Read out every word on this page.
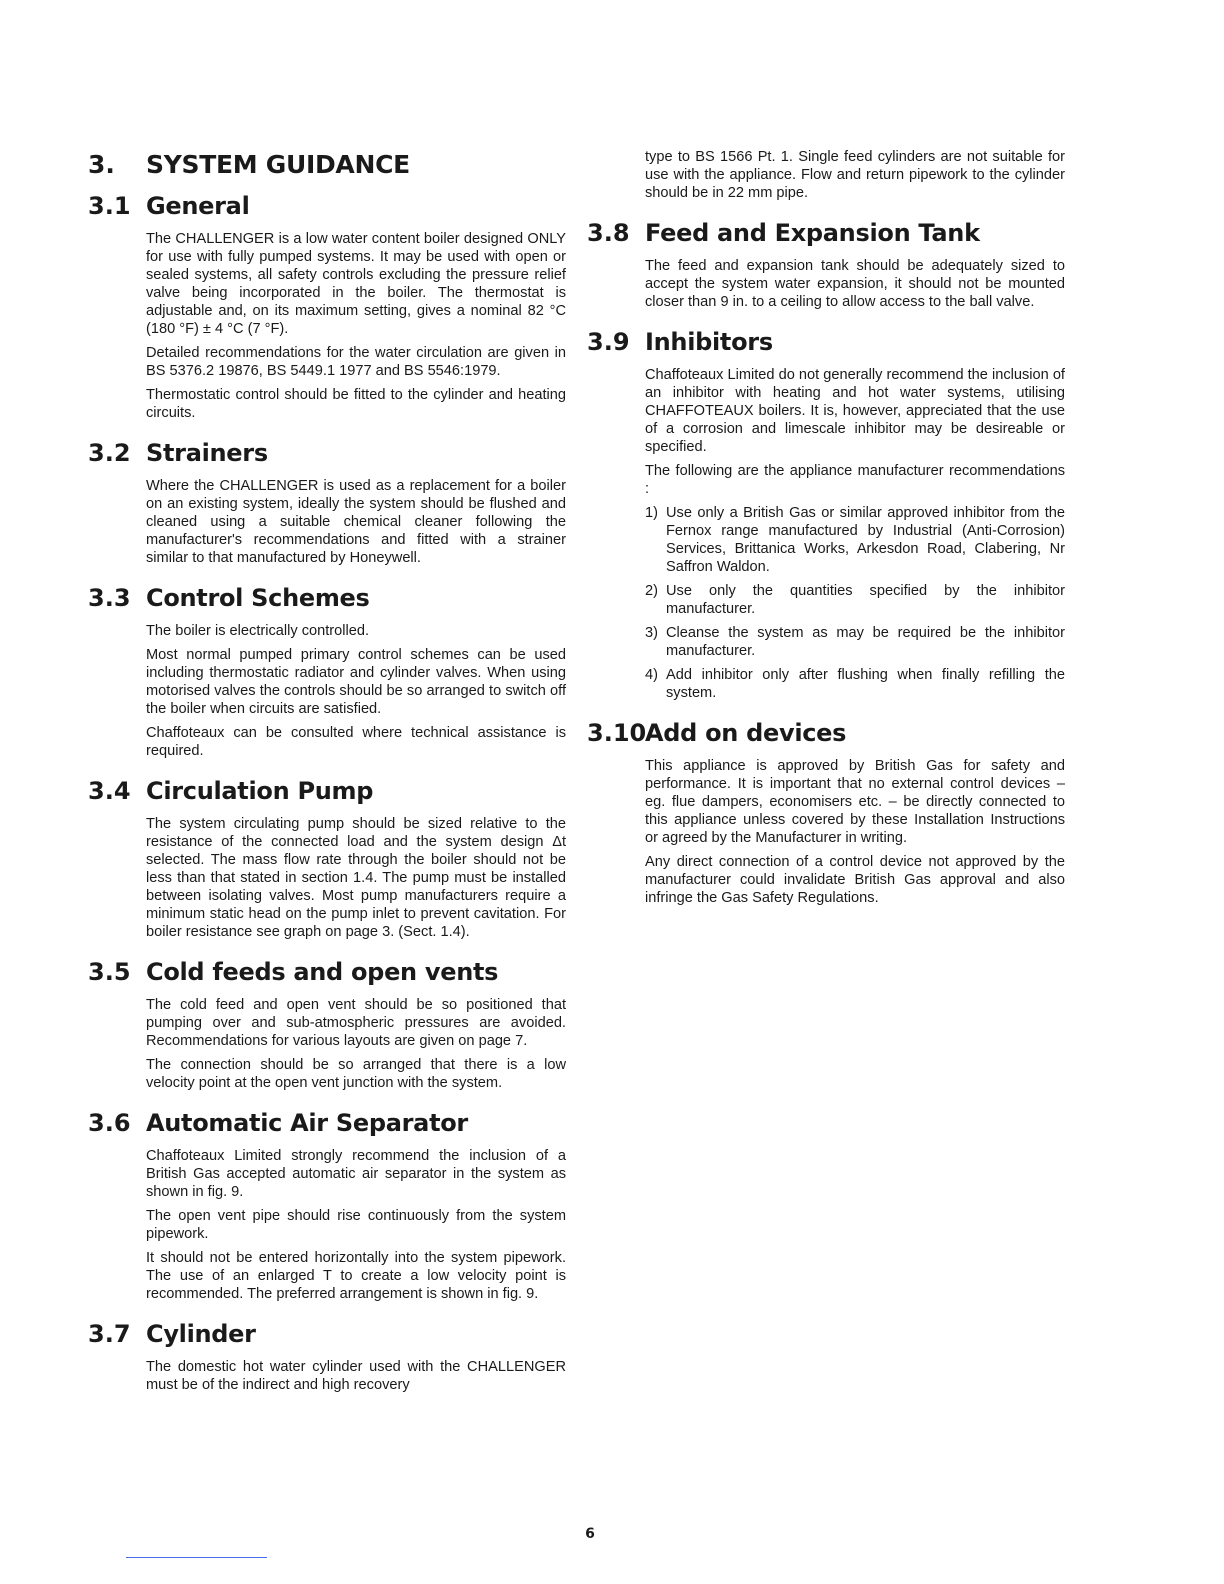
3.	SYSTEM GUIDANCE
3.1 General

The CHALLENGER is a low water content boiler designed ONLY for use with fully pumped systems. It may be used with open or sealed systems, all safety controls excluding the pressure relief valve being incorporated in the boiler. The thermostat is adjustable and, on its maximum setting, gives a nominal 82 °C (180 °F) ± 4 °C (7 °F).

Detailed recommendations for the water circulation are given in BS 5376.2 19876, BS 5449.1 1977 and BS 5546:1979.

Thermostatic control should be fitted to the cylinder and heating circuits.

3.2 Strainers

Where the CHALLENGER is used as a replacement for a boiler on an existing system, ideally the system should be flushed and cleaned using a suitable chemical cleaner following the manufacturer's recommendations and fitted with a strainer similar to that manufactured by Honeywell.

3.3 Control Schemes

The boiler is electrically controlled.

Most normal pumped primary control schemes can be used including thermostatic radiator and cylinder valves. When using motorised valves the controls should be so arranged to switch off the boiler when circuits are satisfied.

Chaffoteaux can be consulted where technical assistance is required.

3.4 Circulation Pump

The system circulating pump should be sized relative to the resistance of the connected load and the system design Δt selected. The mass flow rate through the boiler should not be less than that stated in section 1.4. The pump must be installed between isolating valves. Most pump manufacturers require a minimum static head on the pump inlet to prevent cavitation. For boiler resistance see graph on page 3. (Sect. 1.4).

3.5 Cold feeds and open vents

The cold feed and open vent should be so positioned that pumping over and sub-atmospheric pressures are avoided. Recommendations for various layouts are given on page 7.

The connection should be so arranged that there is a low velocity point at the open vent junction with the system.

3.6 Automatic Air Separator

Chaffoteaux Limited strongly recommend the inclusion of a British Gas accepted automatic air separator in the system as shown in fig. 9.

The open vent pipe should rise continuously from the system pipework.

It should not be entered horizontally into the system pipework. The use of an enlarged T to create a low velocity point is recommended. The preferred arrangement is shown in fig. 9.

3.7 Cylinder

The domestic hot water cylinder used with the CHALLENGER must be of the indirect and high recovery

type to BS 1566 Pt. 1. Single feed cylinders are not suitable for use with the appliance. Flow and return pipework to the cylinder should be in 22 mm pipe.

3.8 Feed and Expansion Tank

The feed and expansion tank should be adequately sized to accept the system water expansion, it should not be mounted closer than 9 in. to a ceiling to allow access to the ball valve.

3.9 Inhibitors

Chaffoteaux Limited do not generally recommend the inclusion of an inhibitor with heating and hot water systems, utilising CHAFFOTEAUX boilers. It is, however, appreciated that the use of a corrosion and limescale inhibitor may be desireable or specified.

The following are the appliance manufacturer recommendations :

1) Use only a British Gas or similar approved inhibitor from the Fernox range manufactured by Industrial (Anti-Corrosion) Services, Brittanica Works, Arkesdon Road, Clabering, Nr Saffron Waldon.

2) Use only the quantities specified by the inhibitor manufacturer.

3) Cleanse the system as may be required be the inhibitor manufacturer.

4) Add inhibitor only after flushing when finally refilling the system.

3.10
Add on devices

This appliance is approved by British Gas for safety and performance. It is important that no external control devices – eg. flue dampers, economisers etc. – be directly connected to this appliance unless covered by these Installation Instructions or agreed by the Manufacturer in writing.

Any direct connection of a control device not approved by the manufacturer could invalidate British Gas approval and also infringe the Gas Safety Regulations.

6
